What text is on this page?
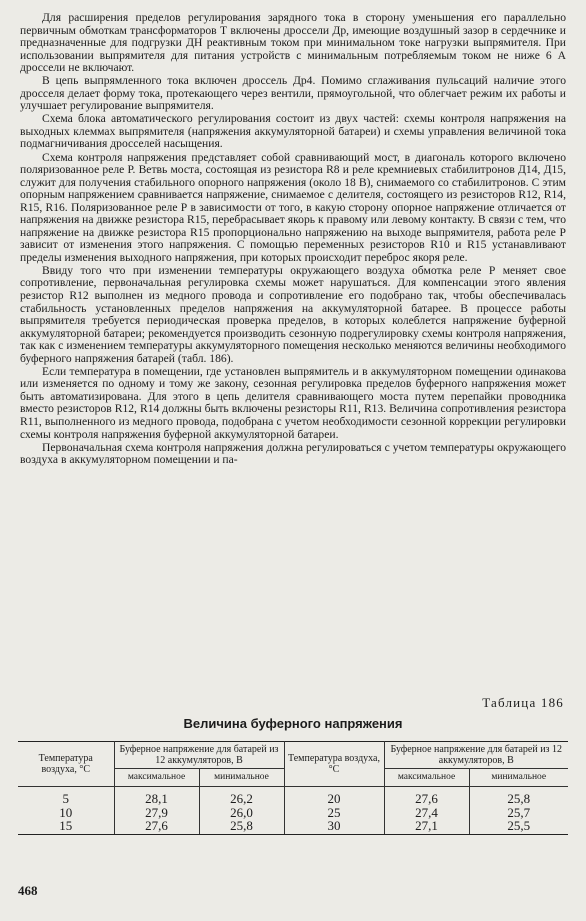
Для расширения пределов регулирования зарядного тока в сторону уменьшения его параллельно первичным обмоткам трансформаторов Т включены дроссели Др, имеющие воздушный зазор в сердечнике и предназначенные для подгрузки ДН реактивным током при минимальном токе нагрузки выпрямителя. При использовании выпрямителя для питания устройств с минимальным потребляемым током не ниже 6 А дроссели не включают.

В цепь выпрямленного тока включен дроссель Др4. Помимо сглаживания пульсаций наличие этого дросселя делает форму тока, протекающего через вентили, прямоугольной, что облегчает режим их работы и улучшает регулирование выпрямителя.

Схема блока автоматического регулирования состоит из двух частей: схемы контроля напряжения на выходных клеммах выпрямителя (напряжения аккумуляторной батареи) и схемы управления величиной тока подмагничивания дросселей насыщения.

Схема контроля напряжения представляет собой сравнивающий мост, в диагональ которого включено поляризованное реле Р. Ветвь моста, состоящая из резистора R8 и реле кремниевых стабилитронов Д14, Д15, служит для получения стабильного опорного напряжения (около 18 В), снимаемого со стабилитронов. С этим опорным напряжением сравнивается напряжение, снимаемое с делителя, состоящего из резисторов R12, R14, R15, R16. Поляризованное реле Р в зависимости от того, в какую сторону опорное напряжение отличается от напряжения на движке резистора R15, перебрасывает якорь к правому или левому контакту. В связи с тем, что напряжение на движке резистора R15 пропорционально напряжению на выходе выпрямителя, работа реле Р зависит от изменения этого напряжения. С помощью переменных резисторов R10 и R15 устанавливают пределы изменения выходного напряжения, при которых происходит переброс якоря реле.

Ввиду того что при изменении температуры окружающего воздуха обмотка реле Р меняет свое сопротивление, первоначальная регулировка схемы может нарушаться. Для компенсации этого явления резистор R12 выполнен из медного провода и сопротивление его подобрано так, чтобы обеспечивалась стабильность установленных пределов напряжения на аккумуляторной батарее. В процессе работы выпрямителя требуется периодическая проверка пределов, в которых колеблется напряжение буферной аккумуляторной батареи; рекомендуется производить сезонную подрегулировку схемы контроля напряжения, так как с изменением температуры аккумуляторного помещения несколько меняются величины необходимого буферного напряжения батарей (табл. 186).

Если температура в помещении, где установлен выпрямитель и в аккумуляторном помещении одинакова или изменяется по одному и тому же закону, сезонная регулировка пределов буферного напряжения может быть автоматизирована. Для этого в цепь делителя сравнивающего моста путем перепайки проводника вместо резисторов R12, R14 должны быть включены резисторы R11, R13. Величина сопротивления резистора R11, выполненного из медного провода, подобрана с учетом необходимости сезонной коррекции регулировки схемы контроля напряжения буферной аккумуляторной батареи.

Первоначальная схема контроля напряжения должна регулироваться с учетом температуры окружающего воздуха в аккумуляторном помещении и па-

Таблица 186
Величина буферного напряжения
Температура воздуха, °С	Буферное напряжение для батарей из 12 аккумуляторов, В		Температура воздуха, °С	Буферное напряжение для батарей из 12 аккумуляторов, В	
	максимальное	минимальное		максимальное	минимальное
5	28,1	26,2	20	27,6	25,8
10	27,9	26,0	25	27,4	25,7
15	27,6	25,8	30	27,1	25,5
468
